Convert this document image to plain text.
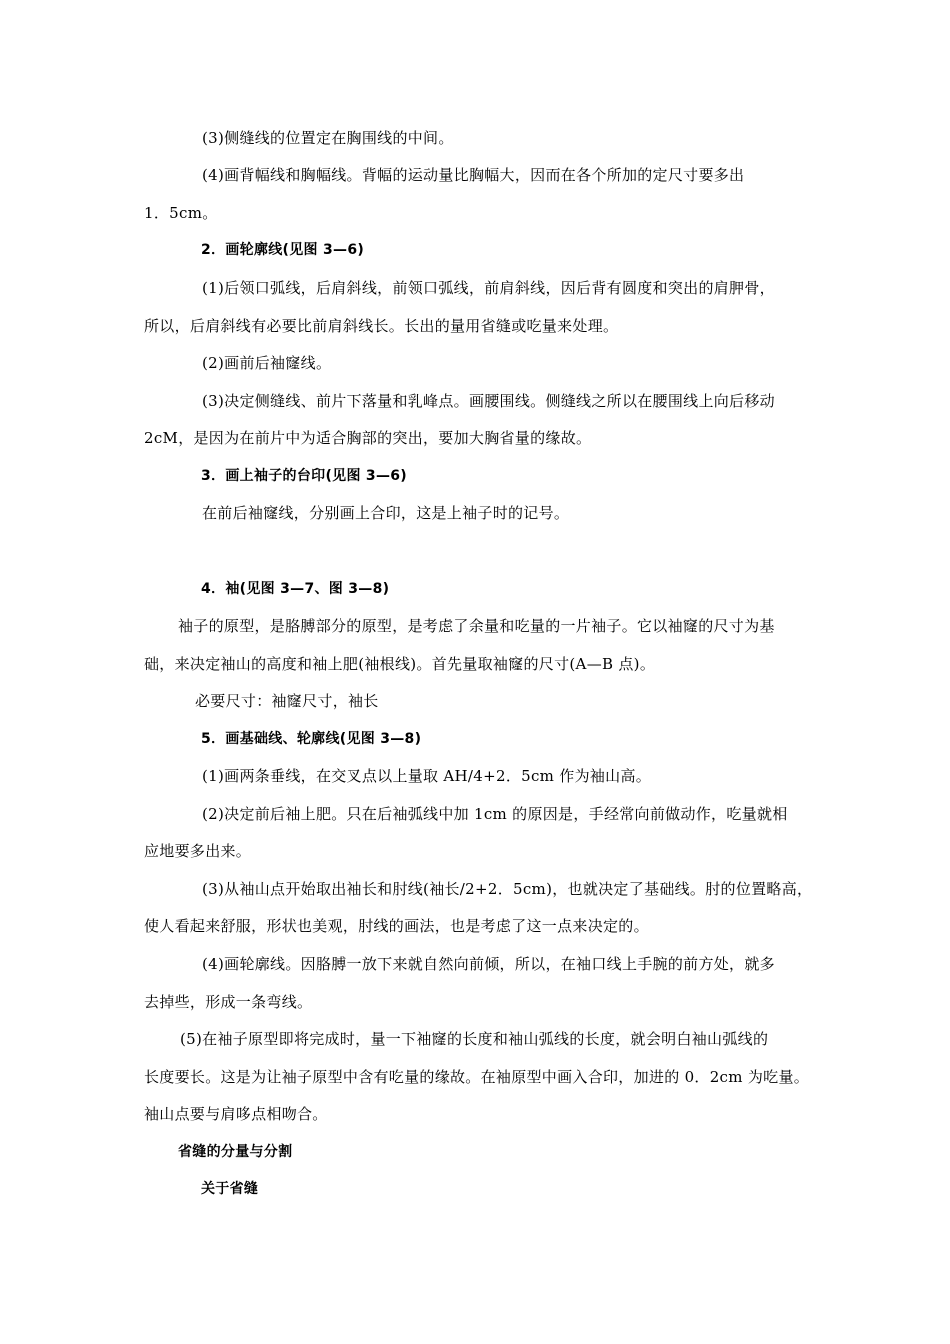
(3)侧缝线的位置定在胸围线的中间。
(4)画背幅线和胸幅线。背幅的运动量比胸幅大，因而在各个所加的定尺寸要多出
1．5cm。
2．画轮廓线(见图 3—6)
(1)后领口弧线，后肩斜线，前领口弧线，前肩斜线，因后背有圆度和突出的肩胛骨，
所以，后肩斜线有必要比前肩斜线长。长出的量用省缝或吃量来处理。
(2)画前后袖窿线。
(3)决定侧缝线、前片下落量和乳峰点。画腰围线。侧缝线之所以在腰围线上向后移动
2cM，是因为在前片中为适合胸部的突出，要加大胸省量的缘故。
3．画上袖子的台印(见图 3—6)
在前后袖窿线，分别画上合印，这是上袖子时的记号。
4．袖(见图 3—7、图 3—8)
袖子的原型，是胳膊部分的原型，是考虑了余量和吃量的一片袖子。它以袖窿的尺寸为基
础，来决定袖山的高度和袖上肥(袖根线)。首先量取袖窿的尺寸(A—B 点)。
必要尺寸：袖窿尺寸，袖长
5．画基础线、轮廓线(见图 3—8)
(1)画两条垂线，在交叉点以上量取 AH/4+2．5cm 作为袖山高。
(2)决定前后袖上肥。只在后袖弧线中加 1cm 的原因是，手经常向前做动作，吃量就相
应地要多出来。
(3)从袖山点开始取出袖长和肘线(袖长/2+2．5cm)，也就决定了基础线。肘的位置略高，
使人看起来舒服，形状也美观，肘线的画法，也是考虑了这一点来决定的。
(4)画轮廓线。因胳膊一放下来就自然向前倾，所以，在袖口线上手腕的前方处，就多
去掉些，形成一条弯线。
(5)在袖子原型即将完成时，量一下袖窿的长度和袖山弧线的长度，就会明白袖山弧线的
长度要长。这是为让袖子原型中含有吃量的缘故。在袖原型中画入合印，加进的 0．2cm 为吃量。
袖山点要与肩哆点相吻合。
省缝的分量与分割
关于省缝
